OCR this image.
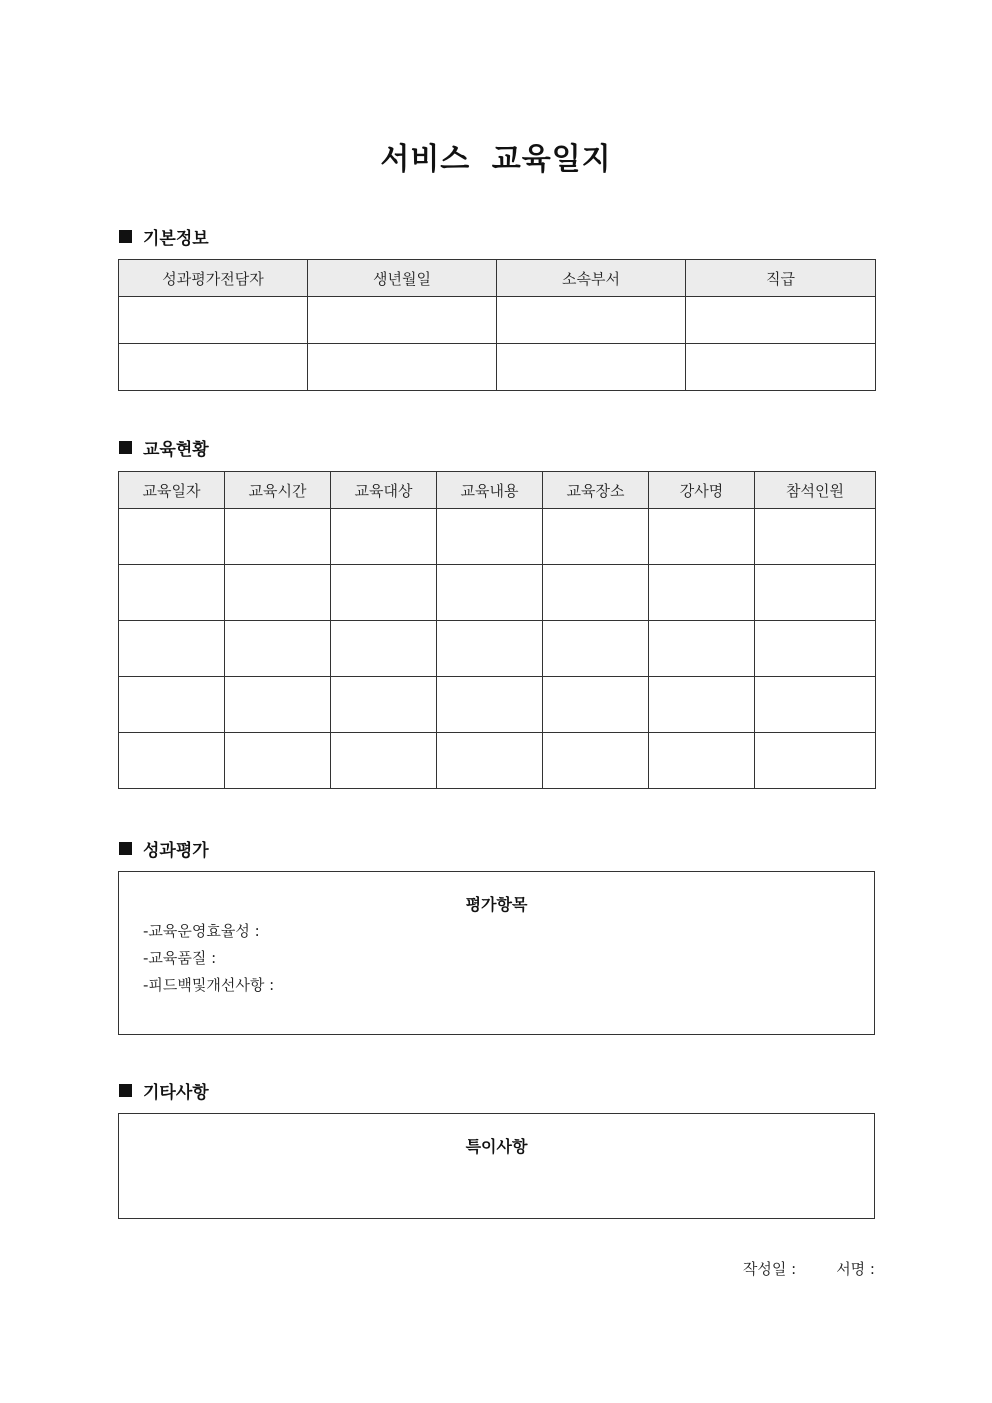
서비스 교육일지
기본정보
성과평가전담자	생년월일	소속부서	직급

교육현황
교육일자	교육시간	교육대상	교육내용	교육장소	강사명	참석인원

성과평가
평가항목
-교육운영효율성 :
-교육품질 :
-피드백및개선사항 :
기타사항
특이사항
작성일 :	서명 :
